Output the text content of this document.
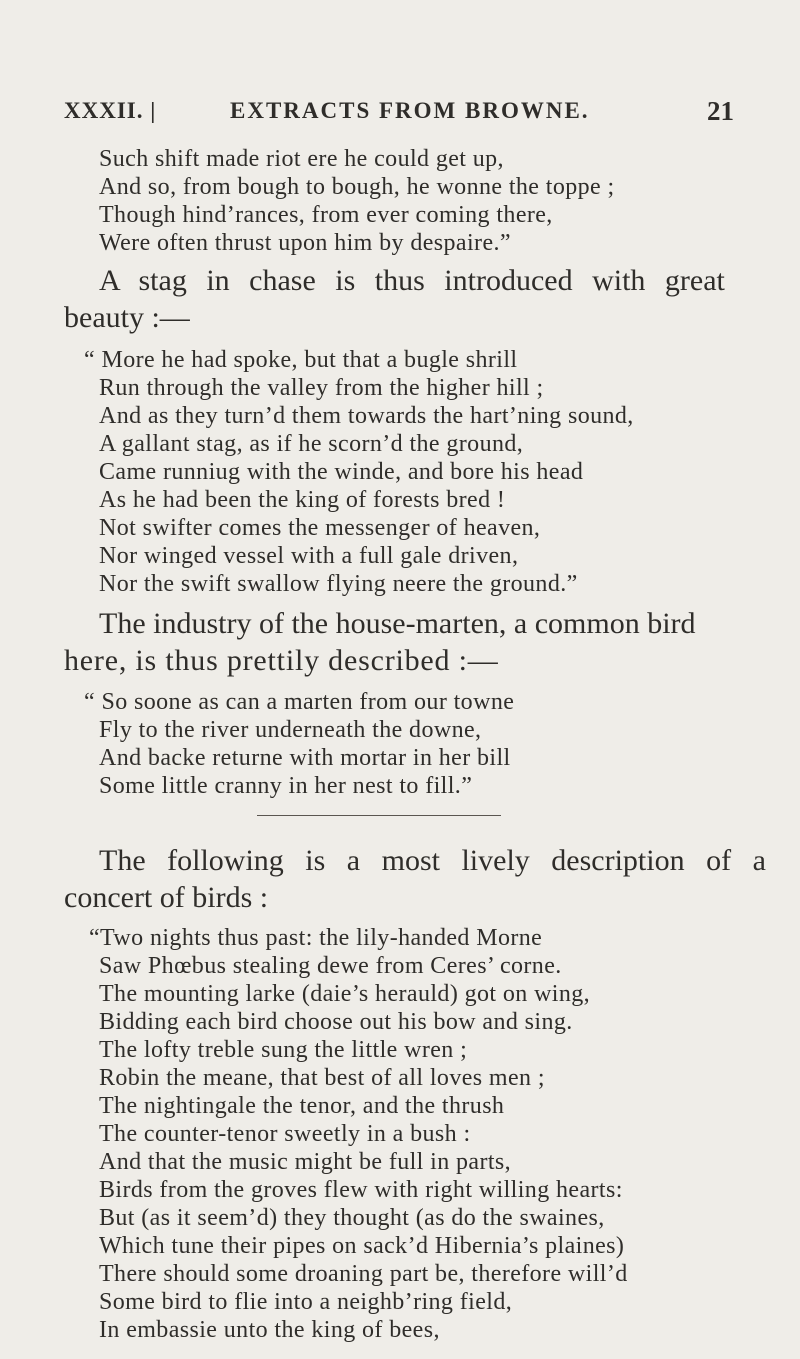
XXXII. |	EXTRACTS FROM BROWNE.	21
Such shift made riot ere he could get up,
And so, from bough to bough, he wonne the toppe ;
Though hind’rances, from ever coming there,
Were often thrust upon him by despaire.”
A stag in chase is thus introduced with great
beauty :—
“ More he had spoke, but that a bugle shrill
Run through the valley from the higher hill ;
And as they turn’d them towards the hart’ning sound,
A gallant stag, as if he scorn’d the ground,
Came runniug with the winde, and bore his head
As he had been the king of forests bred !
Not swifter comes the messenger of heaven,
Nor winged vessel with a full gale driven,
Nor the swift swallow flying neere the ground.”
The industry of the house-marten, a common bird
here, is thus prettily described :—
“ So soone as can a marten from our towne
Fly to the river underneath the downe,
And backe returne with mortar in her bill
Some little cranny in her nest to fill.”
The following is a most lively description of a
concert of birds :
“Two nights thus past: the lily-handed Morne
Saw Phœbus stealing dewe from Ceres’ corne.
The mounting larke (daie’s herauld) got on wing,
Bidding each bird choose out his bow and sing.
The lofty treble sung the little wren ;
Robin the meane, that best of all loves men ;
The nightingale the tenor, and the thrush
The counter-tenor sweetly in a bush :
And that the music might be full in parts,
Birds from the groves flew with right willing hearts:
But (as it seem’d) they thought (as do the swaines,
Which tune their pipes on sack’d Hibernia’s plaines)
There should some droaning part be, therefore will’d
Some bird to flie into a neighb’ring field,
In embassie unto the king of bees,
